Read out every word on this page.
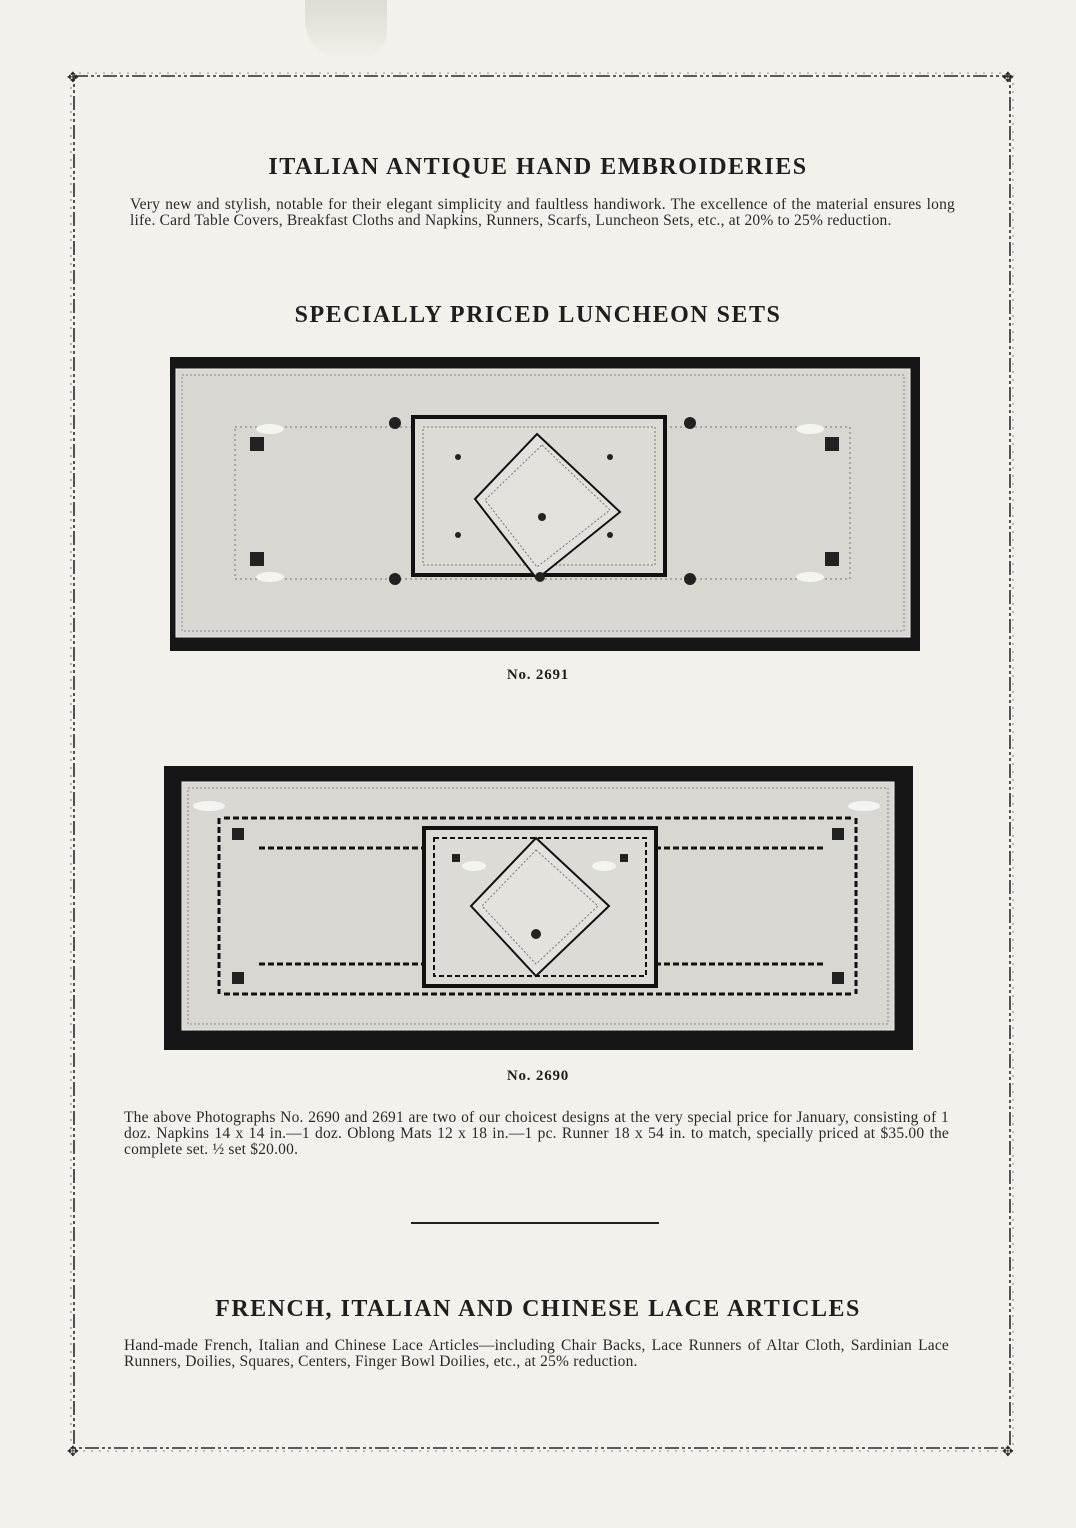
✥	✥
✥	✥
ITALIAN ANTIQUE HAND EMBROIDERIES

Very new and stylish, notable for their elegant simplicity and faultless handiwork. The excellence of the material ensures long life. Card Table Covers, Breakfast Cloths and Napkins, Runners, Scarfs, Luncheon Sets, etc., at 20% to 25% reduction.

SPECIALLY PRICED LUNCHEON SETS

No. 2691

No. 2690

The above Photographs No. 2690 and 2691 are two of our choicest designs at the very special price for January, consisting of 1 doz. Napkins 14 x 14 in.—1 doz. Oblong Mats 12 x 18 in.—1 pc. Runner 18 x 54 in. to match, specially priced at $35.00 the complete set. ½ set $20.00.

FRENCH, ITALIAN AND CHINESE LACE ARTICLES

Hand-made French, Italian and Chinese Lace Articles—including Chair Backs, Lace Runners of Altar Cloth, Sardinian Lace Runners, Doilies, Squares, Centers, Finger Bowl Doilies, etc., at 25% reduction.
